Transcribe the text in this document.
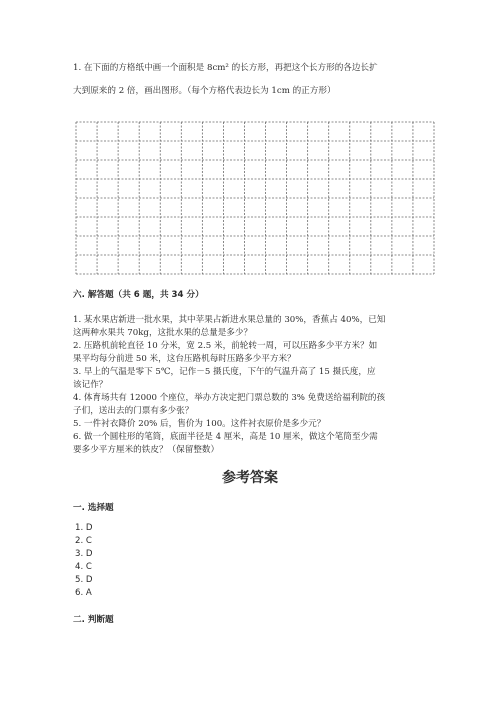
1. 在下面的方格纸中画一个面积是 8cm² 的长方形，再把这个长方形的各边长扩
大到原来的 2 倍，画出图形。（每个方格代表边长为 1cm 的正方形）
六. 解答题（共 6 题，共 34 分）
1. 某水果店新进一批水果，其中苹果占新进水果总量的 30%，香蕉占 40%，已知
这两种水果共 70kg，这批水果的总量是多少？
2. 压路机前轮直径 10 分米，宽 2.5 米，前轮转一周，可以压路多少平方米？如
果平均每分前进 50 米，这台压路机每时压路多少平方米？
3. 早上的气温是零下 5℃，记作－5 摄氏度，下午的气温升高了 15 摄氏度，应
该记作？
4. 体育场共有 12000 个座位，举办方决定把门票总数的 3% 免费送给福利院的孩
子们，送出去的门票有多少张？
5. 一件衬衣降价 20% 后，售价为 100。这件衬衣原价是多少元？
6. 做一个圆柱形的笔筒，底面半径是 4 厘米，高是 10 厘米，做这个笔筒至少需
要多少平方厘米的铁皮？（保留整数）
参考答案
一. 选择题
1. D
2. C
3. D
4. C
5. D
6. A
二. 判断题
